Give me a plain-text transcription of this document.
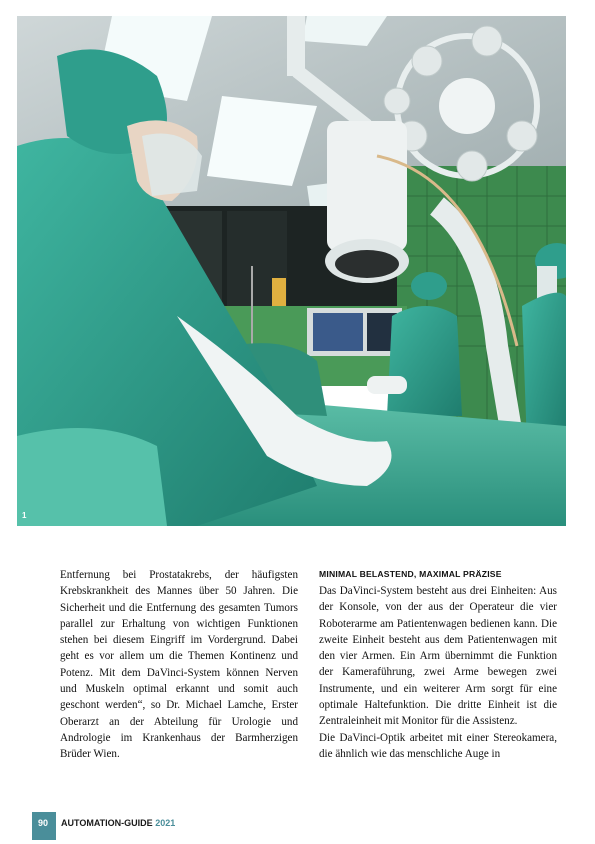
1

Entfernung bei Prostatakrebs, der häufigsten Krebskrankheit des Mannes über 50 Jahren. Die Sicherheit und die Entfernung des gesamten Tumors parallel zur Erhaltung von wichtigen Funktionen stehen bei diesem Eingriff im Vordergrund. Dabei geht es vor allem um die Themen Kontinenz und Potenz. Mit dem DaVinci-System können Nerven und Muskeln optimal erkannt und somit auch geschont werden“, so Dr. Michael Lamche, Erster Oberarzt an der Abteilung für Urologie und Andrologie im Krankenhaus der Barmherzigen Brüder Wien.

MINIMAL BELASTEND, MAXIMAL PRÄZISE

Das DaVinci-System besteht aus drei Einheiten: Aus der Konsole, von der aus der Operateur die vier Roboterarme am Patientenwagen bedienen kann. Die zweite Einheit besteht aus dem Patientenwagen mit den vier Armen. Ein Arm übernimmt die Funktion der Kameraführung, zwei Arme bewegen zwei Instrumente, und ein weiterer Arm sorgt für eine optimale Haltefunktion. Die dritte Einheit ist die Zentraleinheit mit Monitor für die Assistenz.

Die DaVinci-Optik arbeitet mit einer Stereokamera, die ähnlich wie das menschliche Auge in

90 AUTOMATION-GUIDE 2021
